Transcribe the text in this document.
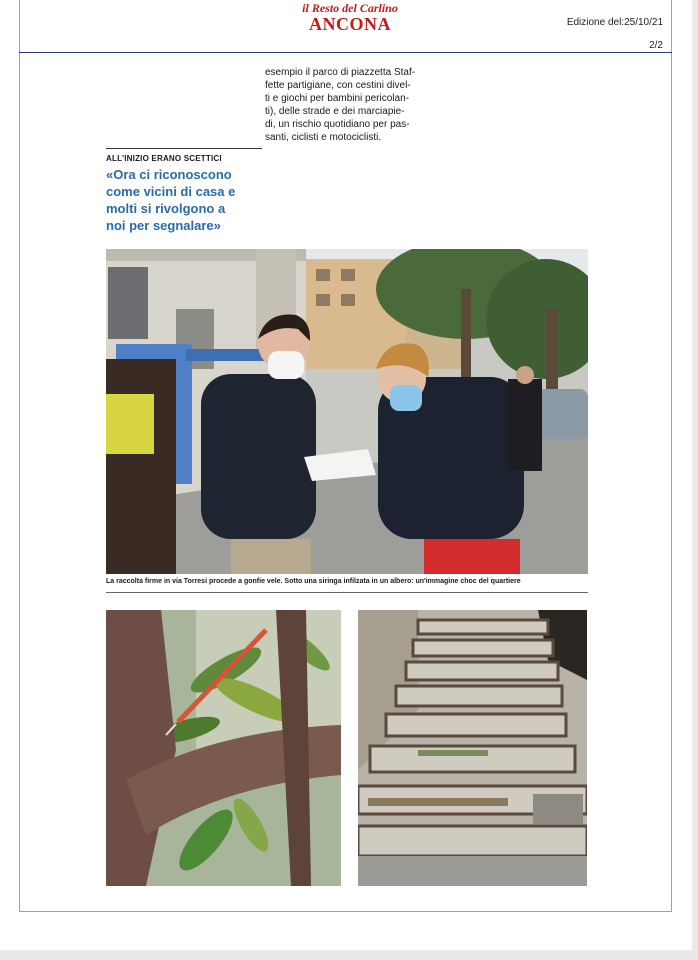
il Resto del Carlino
ANCONA	Edizione del:25/10/21
2/2
esempio il parco di piazzetta Staf-
fette partigiane, con cestini divel-
ti e giochi per bambini pericolan-
ti), delle strade e dei marciapie-
di, un rischio quotidiano per pas-
santi, ciclisti e motociclisti.
ALL'INIZIO ERANO SCETTICI
«Ora ci riconoscono
come vicini di casa e
molti si rivolgono a
noi per segnalare»
La raccolta firme in via Torresi procede a gonfie vele. Sotto una siringa infilzata in un albero: un'immagine choc del quartiere
